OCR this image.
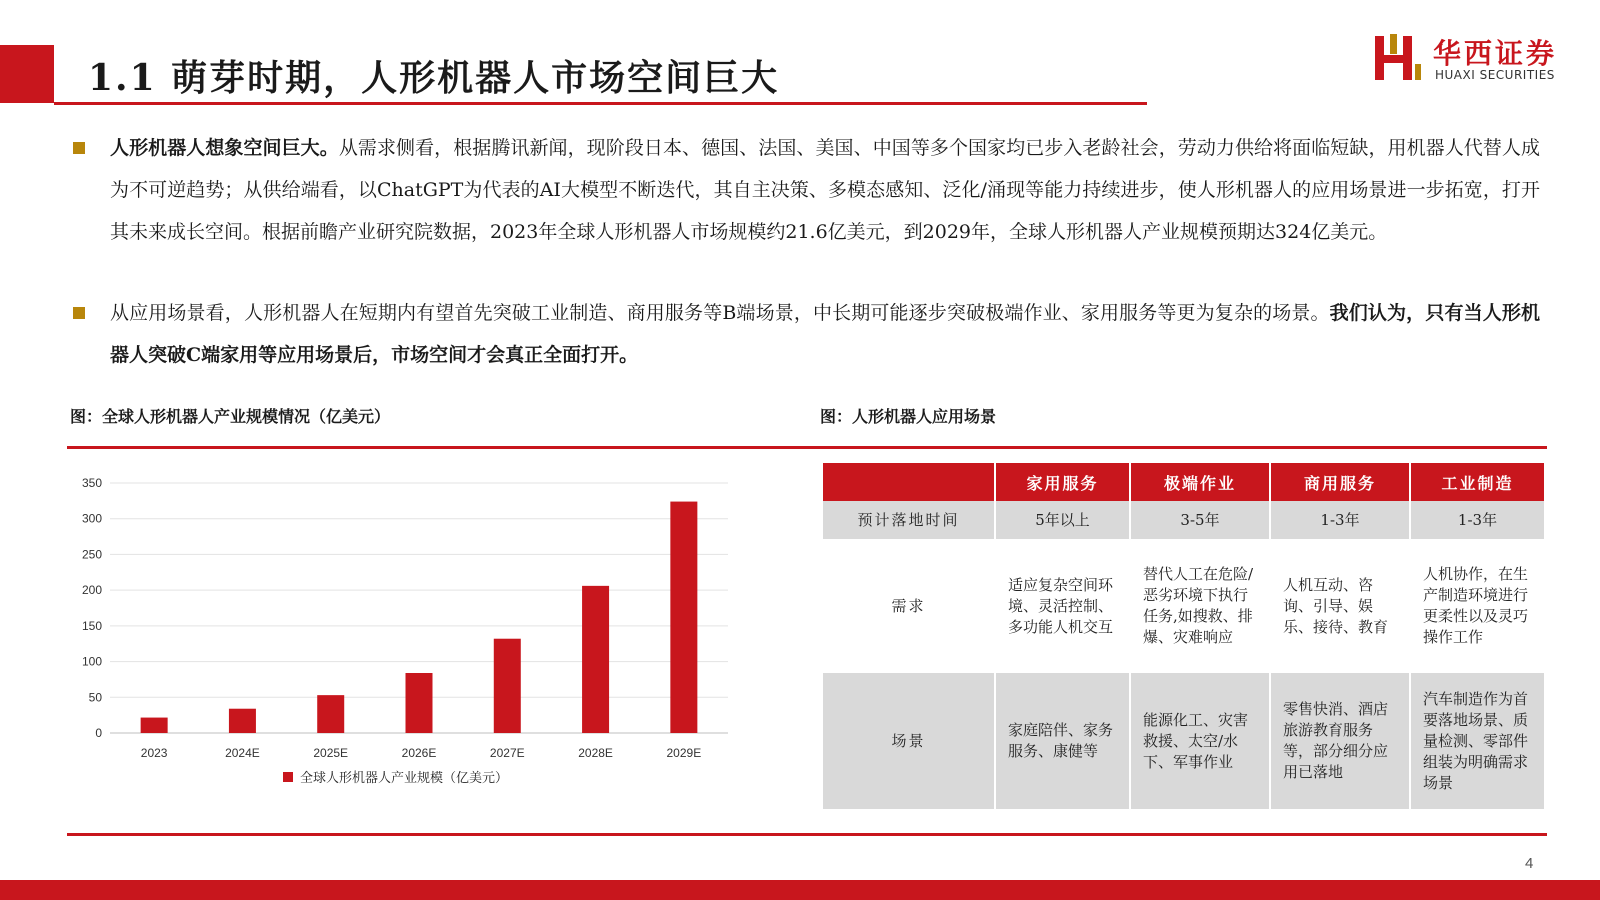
1.1 萌芽时期，人形机器人市场空间巨大
华西证券
HUAXI SECURITIES
人形机器人想象空间巨大。从需求侧看，根据腾讯新闻，现阶段日本、德国、法国、美国、中国等多个国家均已步入老龄社会，劳动力供给将面临短缺，用机器人代替人成为不可逆趋势；从供给端看，以ChatGPT为代表的AI大模型不断迭代，其自主决策、多模态感知、泛化/涌现等能力持续进步，使人形机器人的应用场景进一步拓宽，打开其未来成长空间。根据前瞻产业研究院数据，2023年全球人形机器人市场规模约21.6亿美元，到2029年，全球人形机器人产业规模预期达324亿美元。
从应用场景看，人形机器人在短期内有望首先突破工业制造、商用服务等B端场景，中长期可能逐步突破极端作业、家用服务等更为复杂的场景。我们认为，只有当人形机器人突破C端家用等应用场景后，市场空间才会真正全面打开。
图：全球人形机器人产业规模情况（亿美元）	图：人形机器人应用场景
0
50
100
150
200
250
300
350
2023	2024E	2025E	2026E	2027E	2028E	2029E
全球人形机器人产业规模（亿美元）
	家用服务	极端作业	商用服务	工业制造
预计落地时间	5年以上	3-5年	1-3年	1-3年
需求	适应复杂空间环境、灵活控制、多功能人机交互	替代人工在危险/恶劣环境下执行任务,如搜救、排爆、灾难响应	人机互动、咨询、引导、娱乐、接待、教育	人机协作，在生产制造环境进行更柔性以及灵巧操作工作
场景	家庭陪伴、家务服务、康健等	能源化工、灾害救援、太空/水下、军事作业	零售快消、酒店旅游教育服务等，部分细分应用已落地	汽车制造作为首要落地场景、质量检测、零部件组装为明确需求场景
4
